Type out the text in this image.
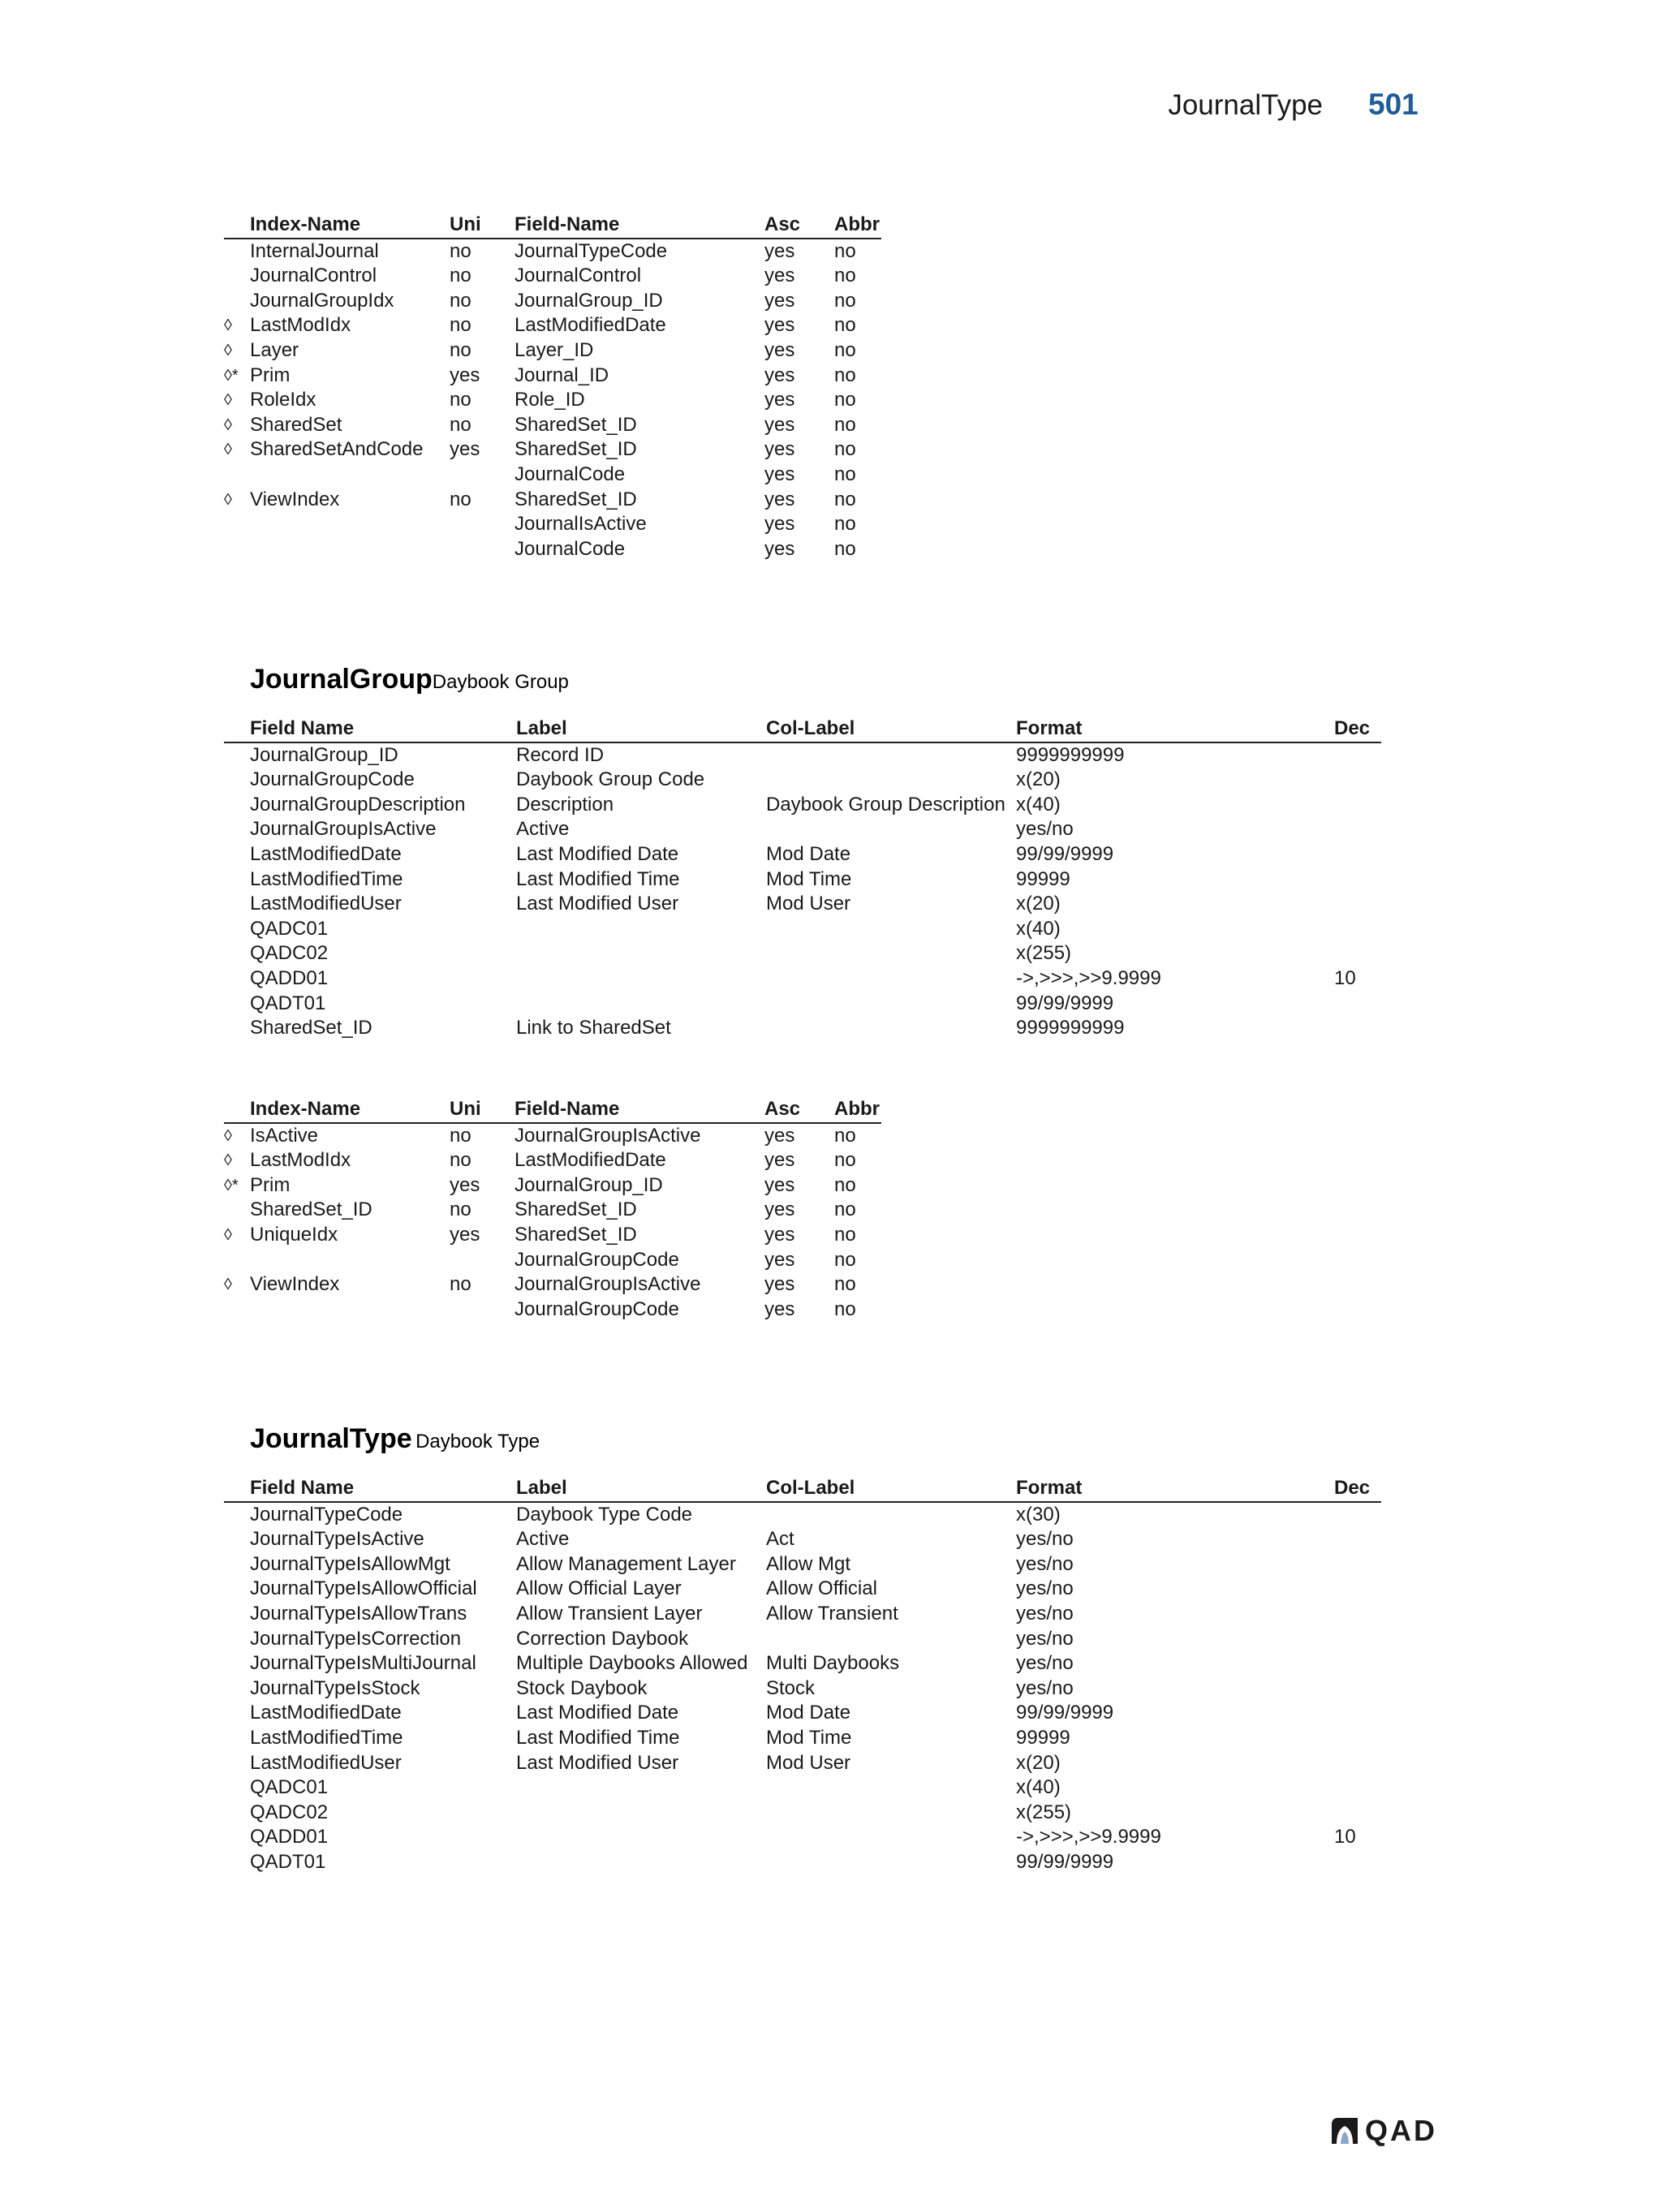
JournalType 501
	Index-Name	Uni	Field-Name	Asc	Abbr
	InternalJournal	no	JournalTypeCode	yes	no
	JournalControl	no	JournalControl	yes	no
	JournalGroupIdx	no	JournalGroup_ID	yes	no
◊	LastModIdx	no	LastModifiedDate	yes	no
◊	Layer	no	Layer_ID	yes	no
◊*	Prim	yes	Journal_ID	yes	no
◊	RoleIdx	no	Role_ID	yes	no
◊	SharedSet	no	SharedSet_ID	yes	no
◊	SharedSetAndCode	yes	SharedSet_ID	yes	no
			JournalCode	yes	no
◊	ViewIndex	no	SharedSet_ID	yes	no
			JournalIsActive	yes	no
			JournalCode	yes	no
JournalGroupDaybook Group
	Field Name	Label	Col-Label	Format	Dec
	JournalGroup_ID	Record ID		9999999999	
	JournalGroupCode	Daybook Group Code		x(20)	
	JournalGroupDescription	Description	Daybook Group Description	x(40)	
	JournalGroupIsActive	Active		yes/no	
	LastModifiedDate	Last Modified Date	Mod Date	99/99/9999	
	LastModifiedTime	Last Modified Time	Mod Time	99999	
	LastModifiedUser	Last Modified User	Mod User	x(20)	
	QADC01			x(40)	
	QADC02			x(255)	
	QADD01			->,>>>,>>9.9999	10
	QADT01			99/99/9999	
	SharedSet_ID	Link to SharedSet		9999999999	
	Index-Name	Uni	Field-Name	Asc	Abbr
◊	IsActive	no	JournalGroupIsActive	yes	no
◊	LastModIdx	no	LastModifiedDate	yes	no
◊*	Prim	yes	JournalGroup_ID	yes	no
	SharedSet_ID	no	SharedSet_ID	yes	no
◊	UniqueIdx	yes	SharedSet_ID	yes	no
			JournalGroupCode	yes	no
◊	ViewIndex	no	JournalGroupIsActive	yes	no
			JournalGroupCode	yes	no
JournalType Daybook Type
	Field Name	Label	Col-Label	Format	Dec
	JournalTypeCode	Daybook Type Code		x(30)	
	JournalTypeIsActive	Active	Act	yes/no	
	JournalTypeIsAllowMgt	Allow Management Layer	Allow Mgt	yes/no	
	JournalTypeIsAllowOfficial	Allow Official Layer	Allow Official	yes/no	
	JournalTypeIsAllowTrans	Allow Transient Layer	Allow Transient	yes/no	
	JournalTypeIsCorrection	Correction Daybook		yes/no	
	JournalTypeIsMultiJournal	Multiple Daybooks Allowed	Multi Daybooks	yes/no	
	JournalTypeIsStock	Stock Daybook	Stock	yes/no	
	LastModifiedDate	Last Modified Date	Mod Date	99/99/9999	
	LastModifiedTime	Last Modified Time	Mod Time	99999	
	LastModifiedUser	Last Modified User	Mod User	x(20)	
	QADC01			x(40)	
	QADC02			x(255)	
	QADD01			->,>>>,>>9.9999	10
	QADT01			99/99/9999	
QAD
